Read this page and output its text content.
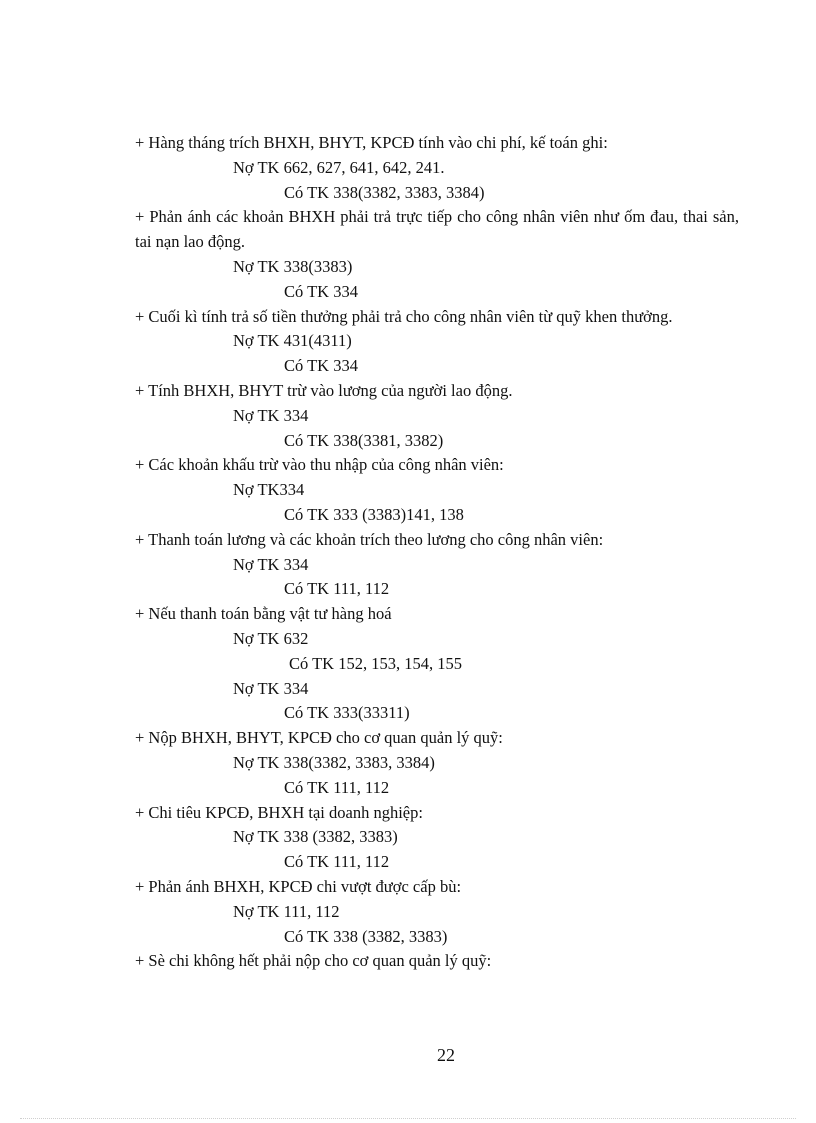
+ Hàng tháng trích BHXH, BHYT, KPCĐ tính vào chi phí, kế toán ghi:
Nợ TK 662, 627, 641, 642, 241.
Có TK 338(3382, 3383, 3384)
+ Phản ánh các khoản BHXH phải trả trực tiếp cho công nhân viên như ốm đau, thai sản, tai nạn lao động.
Nợ TK 338(3383)
Có TK 334
+ Cuối kì tính trả số tiền thưởng phải trả cho công nhân viên từ quỹ khen thưởng.
Nợ TK 431(4311)
Có TK 334
+ Tính BHXH, BHYT trừ vào lương của người lao động.
Nợ TK 334
Có TK 338(3381, 3382)
+ Các khoản khấu trừ vào thu nhập của công nhân viên:
Nợ TK334
Có TK 333 (3383)141, 138
+ Thanh toán lương và các khoản trích theo lương cho công nhân viên:
Nợ TK 334
Có TK 111, 112
+ Nếu thanh toán bằng vật tư hàng hoá
Nợ TK 632
Có TK 152, 153, 154, 155
Nợ TK 334
Có TK 333(33311)
+ Nộp BHXH, BHYT, KPCĐ cho cơ quan quản lý quỹ:
Nợ TK 338(3382, 3383, 3384)
Có TK 111, 112
+ Chi tiêu KPCĐ, BHXH tại doanh nghiệp:
Nợ TK 338 (3382, 3383)
Có TK 111, 112
+ Phản ánh BHXH, KPCĐ chi vượt được cấp bù:
Nợ TK 111, 112
Có TK 338 (3382, 3383)
+ Sè chi không hết phải nộp cho cơ quan quản lý quỹ:
22
